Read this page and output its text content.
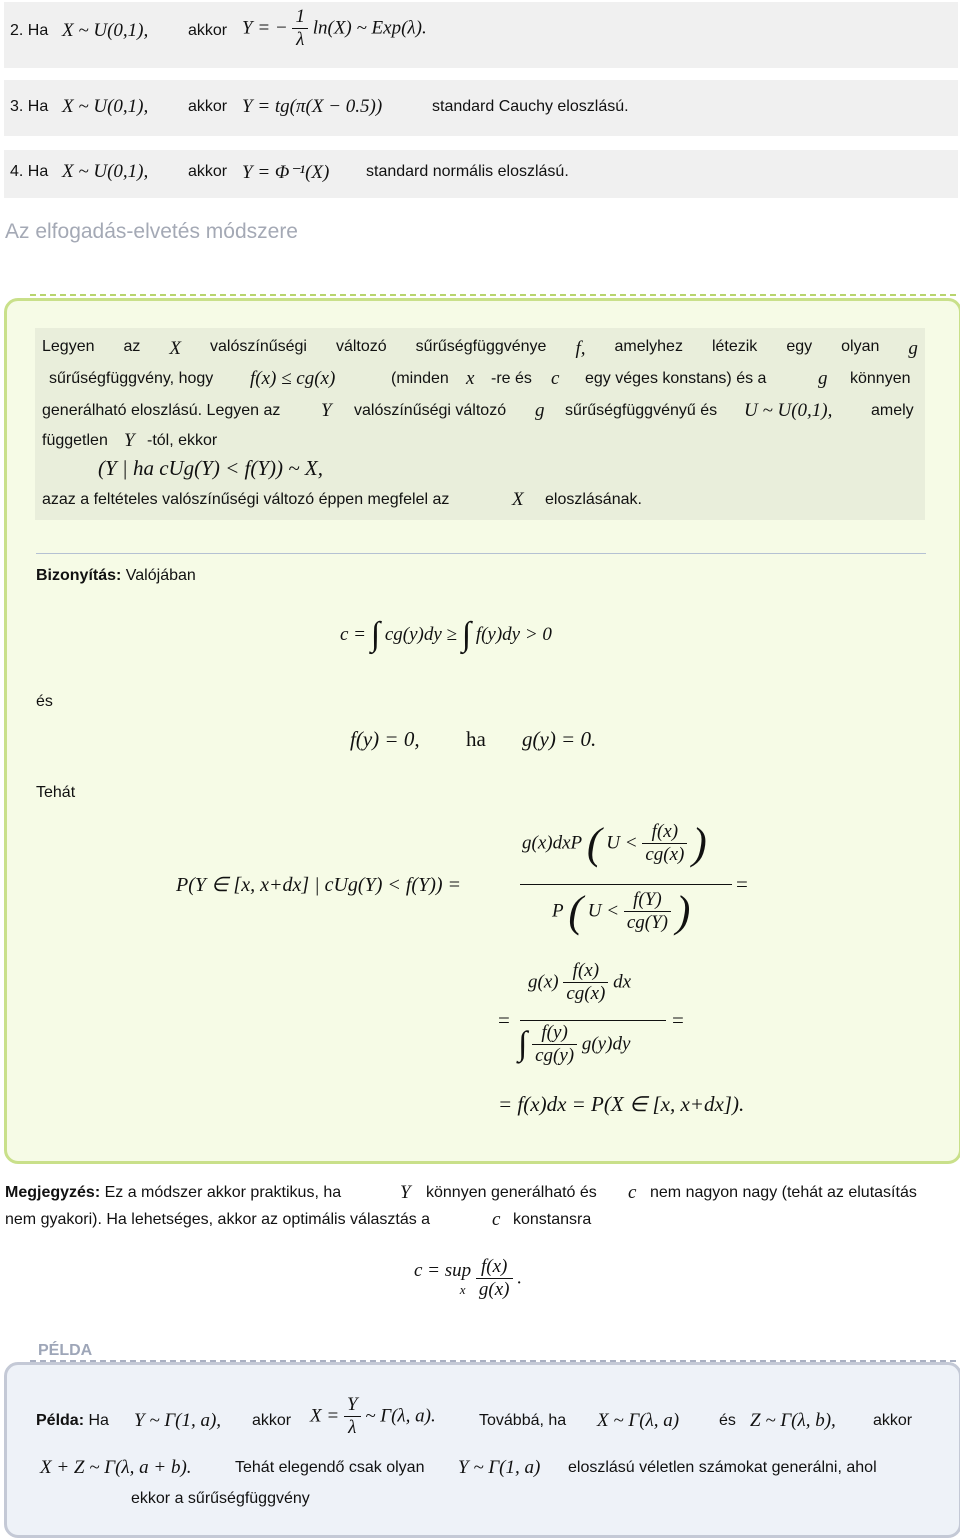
2. Ha X ~ U(0,1), akkor Y = − $\frac{1}{\lambda} \ln(X)$ ~ Exp(λ).
3. Ha X ~ U(0,1), akkor Y = tg(π(X − 0.5))	standard Cauchy eloszlású.
4. Ha X ~ U(0,1), akkor Y = Φ⁻¹(X) standard normális eloszlású.
Az elfogadás-elvetés módszere
Legyen az X valószínűségi változó sűrűségfüggvénye f, amelyhez létezik egy olyan g
sűrűségfüggvény, hogy f(x) ≤ cg(x)	(minden x -re és c egy véges konstans) és a	g könnyen
generálható eloszlású. Legyen az Y valószínűségi változó g sűrűségfüggvényű és U ~ U(0,1), amely
független Y -tól, ekkor
(Y | ha cUg(Y) < f(Y)) ~ X,
azaz a feltételes valószínűségi változó éppen megfelel az	X eloszlásának.
Bizonyítás: Valójában
c = ∫ cg(y)dy ≥ ∫ f(y)dy > 0
és
f(y) = 0, ha g(y) = 0.
Tehát
P(Y ∈ [x, x+dx] | cUg(Y) < f(Y)) =
g(x)dxP ( $U < \frac{f(x)}{cg(x)}$ )
P ( $U < \frac{f(Y)}{cg(Y)}$ )
=
=
$g(x) \frac{f(x)}{cg(x)}$ dx
∫ $\frac{f(y)}{cg(y)} g(y)dy$
=
= f(x)dx = P(X ∈ [x, x+dx]).
Megjegyzés: Ez a módszer akkor praktikus, ha	Y könnyen generálható és c nem nagyon nagy (tehát az elutasítás
nem gyakori). Ha lehetséges, akkor az optimális választás a	c konstansra
c = sup
x
$\frac{f(x)}{g(x)}$ .
PÉLDA
Példa: Ha Y ~ Γ(1, a), akkor $X = \frac{Y}{\lambda}$ ~ Γ(λ, a).	Továbbá, ha X ~ Γ(λ, a) és Z ~ Γ(λ, b), akkor
X + Z ~ Γ(λ, a + b).	Tehát elegendő csak olyan Y ~ Γ(1, a) eloszlású véletlen számokat generálni, ahol
ekkor a sűrűségfüggvény
